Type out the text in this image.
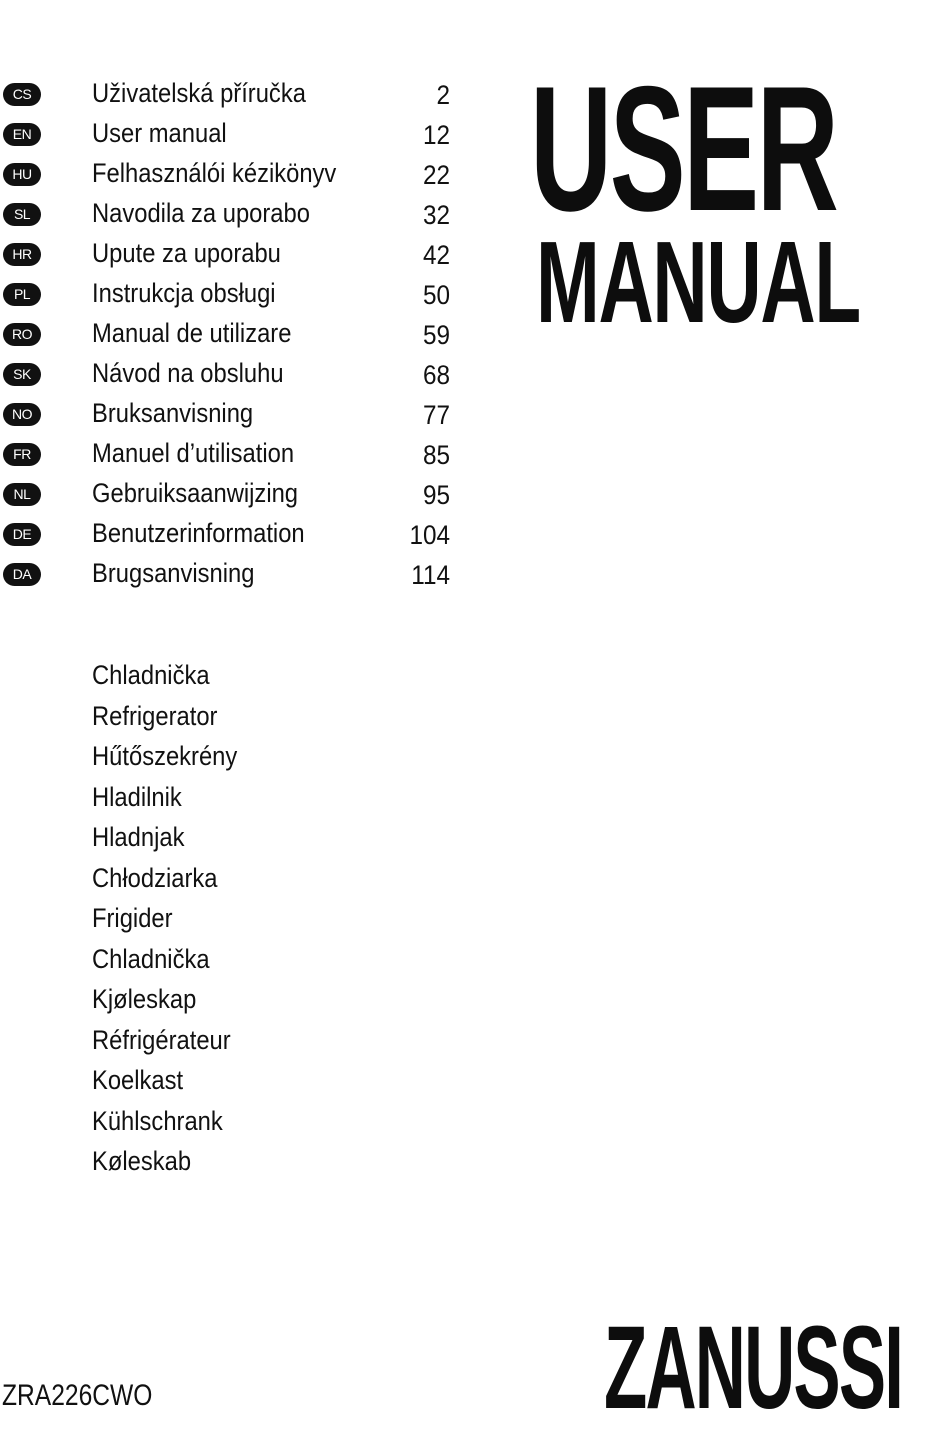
CS	Uživatelská příručka	2
EN	User manual	12
HU	Felhasználói kézikönyv	22
SL	Navodila za uporabo	32
HR	Upute za uporabu	42
PL	Instrukcja obsługi	50
RO	Manual de utilizare	59
SK	Návod na obsluhu	68
NO	Bruksanvisning	77
FR	Manuel d’utilisation	85
NL	Gebruiksaanwijzing	95
DE	Benutzerinformation	104
DA	Brugsanvisning	114
Chladnička
Refrigerator
Hűtőszekrény
Hladilnik
Hladnjak
Chłodziarka
Frigider
Chladnička
Kjøleskap
Réfrigérateur
Koelkast
Kühlschrank
Køleskab
USER
MANUAL
ZANUSSI
ZRA226CWO
